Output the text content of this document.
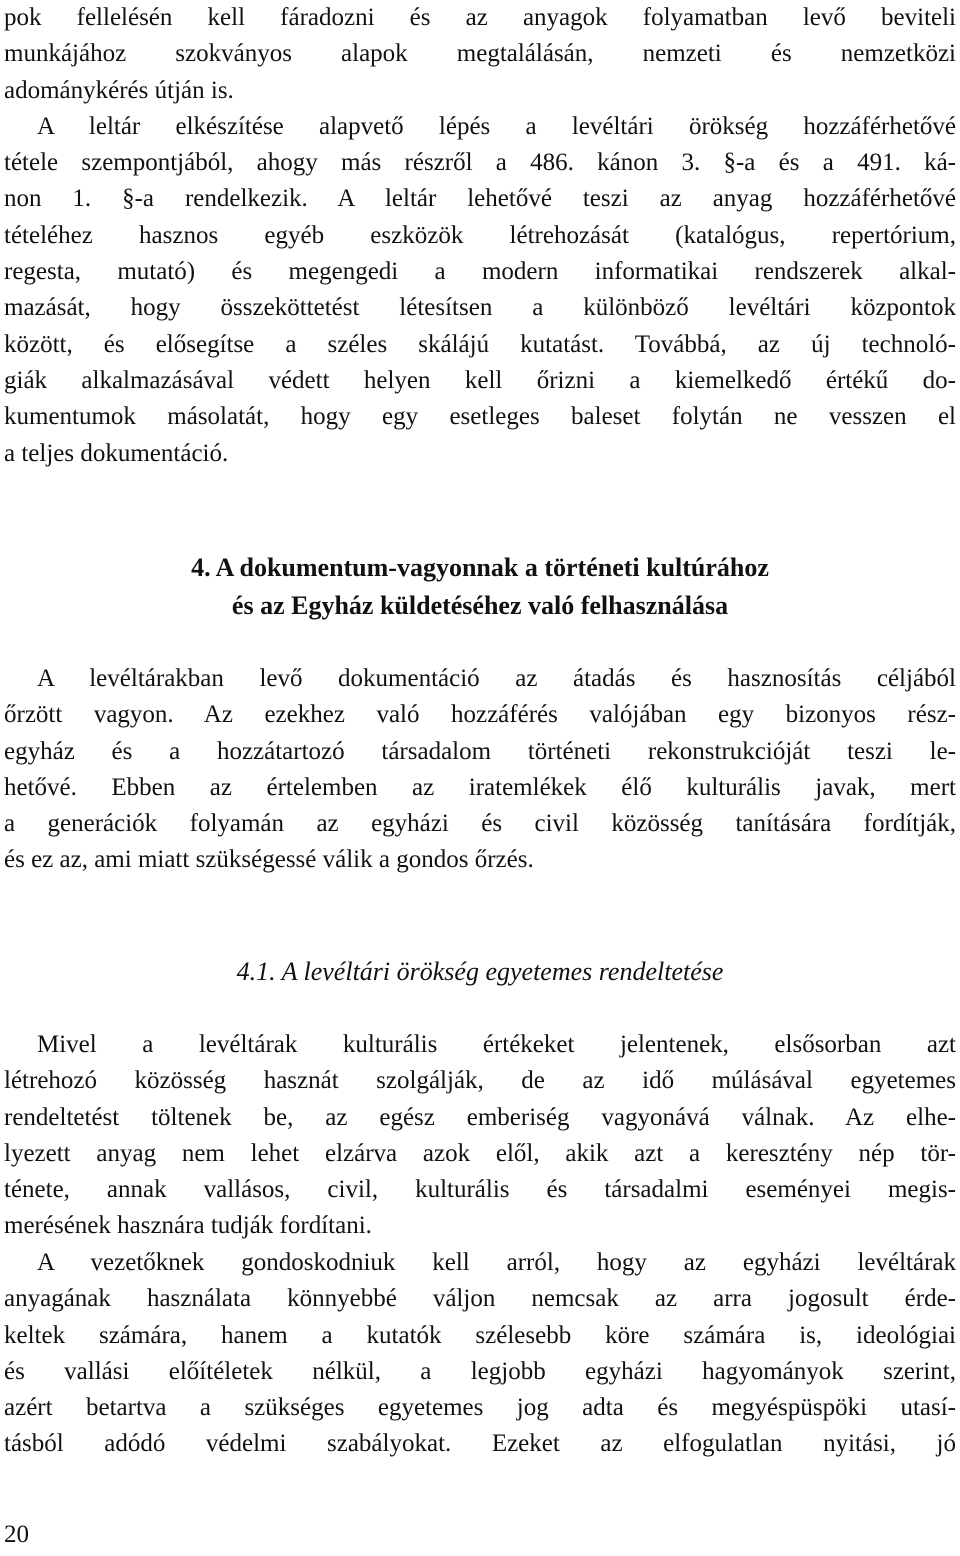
pok fellelésén kell fáradozni és az anyagok folyamatban levő beviteli
munkájához szokványos alapok megtalálásán, nemzeti és nemzetközi
adománykérés útján is.
A leltár elkészítése alapvető lépés a levéltári örökség hozzáférhetővé
tétele szempontjából, ahogy más részről a 486. kánon 3. §-a és a 491. ká-
non 1. §-a rendelkezik. A leltár lehetővé teszi az anyag hozzáférhetővé
tételéhez hasznos egyéb eszközök létrehozását (katalógus, repertórium,
regesta, mutató) és megengedi a modern informatikai rendszerek alkal-
mazását, hogy összeköttetést létesítsen a különböző levéltári központok
között, és elősegítse a széles skálájú kutatást. Továbbá, az új technoló-
giák alkalmazásával védett helyen kell őrizni a kiemelkedő értékű do-
kumentumok másolatát, hogy egy esetleges baleset folytán ne vesszen el
a teljes dokumentáció.
4. A dokumentum-vagyonnak a történeti kultúrához
és az Egyház küldetéséhez való felhasználása
A levéltárakban levő dokumentáció az átadás és hasznosítás céljából
őrzött vagyon. Az ezekhez való hozzáférés valójában egy bizonyos rész-
egyház és a hozzátartozó társadalom történeti rekonstrukcióját teszi le-
hetővé. Ebben az értelemben az iratemlékek élő kulturális javak, mert
a generációk folyamán az egyházi és civil közösség tanítására fordítják,
és ez az, ami miatt szükségessé válik a gondos őrzés.
4.1. A levéltári örökség egyetemes rendeltetése
Mivel a levéltárak kulturális értékeket jelentenek, elsősorban azt
létrehozó közösség hasznát szolgálják, de az idő múlásával egyetemes
rendeltetést töltenek be, az egész emberiség vagyonává válnak. Az elhe-
lyezett anyag nem lehet elzárva azok elől, akik azt a keresztény nép tör-
ténete, annak vallásos, civil, kulturális és társadalmi eseményei megis-
merésének hasznára tudják fordítani.
A vezetőknek gondoskodniuk kell arról, hogy az egyházi levéltárak
anyagának használata könnyebbé váljon nemcsak az arra jogosult érde-
keltek számára, hanem a kutatók szélesebb köre számára is, ideológiai
és vallási előítéletek nélkül, a legjobb egyházi hagyományok szerint,
azért betartva a szükséges egyetemes jog adta és megyéspüspöki utasí-
tásból adódó védelmi szabályokat. Ezeket az elfogulatlan nyitási, jó
20
